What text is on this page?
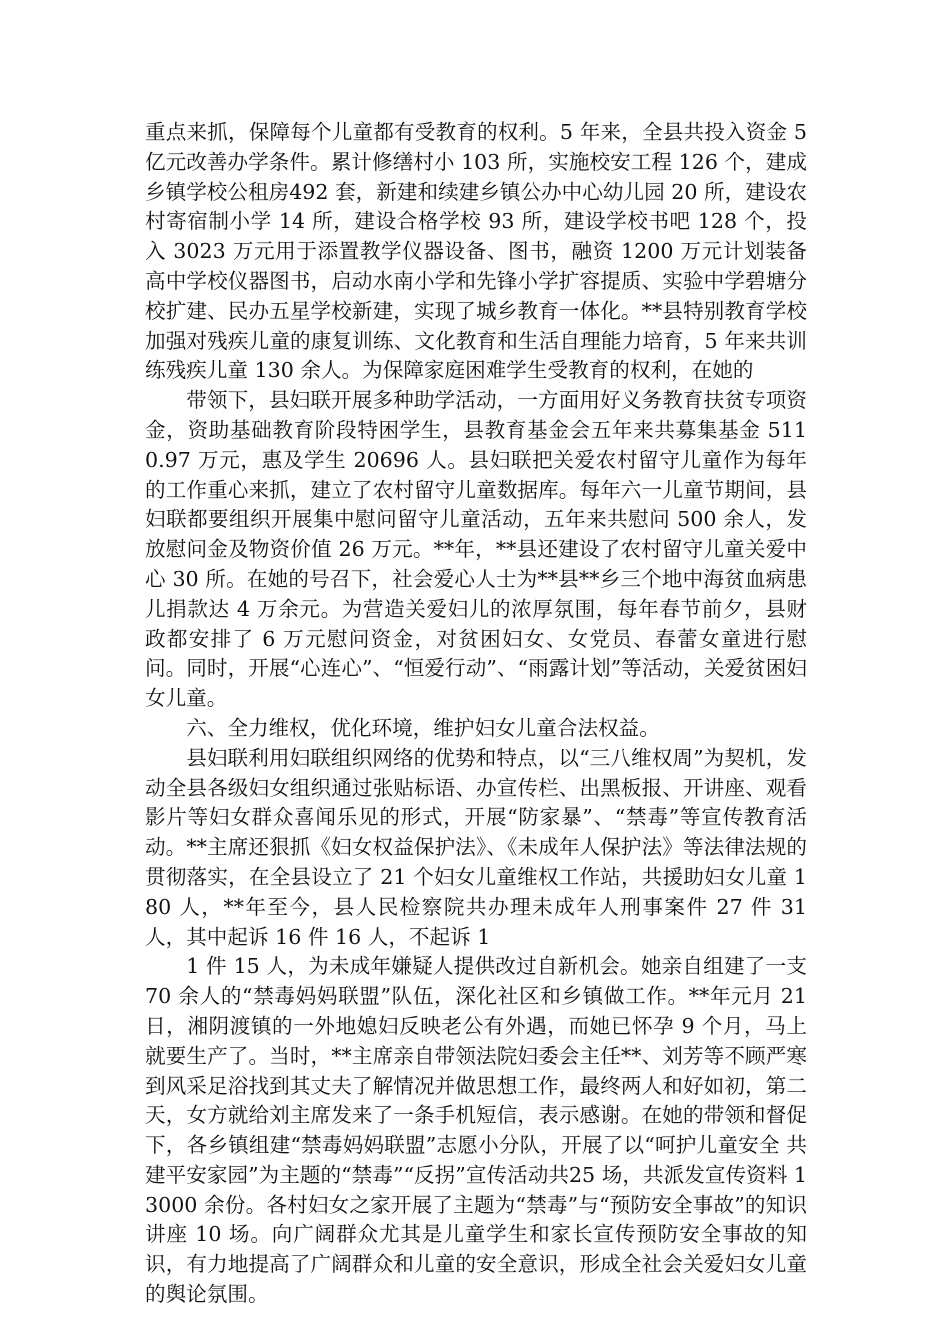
重点来抓，保障每个儿童都有受教育的权利。5 年来，全县共投入资金 5 亿元改善办学条件。累计修缮村小 103 所，实施校安工程 126 个，建成乡镇学校公租房492 套，新建和续建乡镇公办中心幼儿园 20 所，建设农村寄宿制小学 14 所，建设合格学校 93 所，建设学校书吧 128 个，投入 3023 万元用于添置教学仪器设备、图书，融资 1200 万元计划装备高中学校仪器图书，启动水南小学和先锋小学扩容提质、实验中学碧塘分校扩建、民办五星学校新建，实现了城乡教育一体化。**县特别教育学校加强对残疾儿童的康复训练、文化教育和生活自理能力培育，5 年来共训练残疾儿童 130 余人。为保障家庭困难学生受教育的权利，在她的

带领下，县妇联开展多种助学活动，一方面用好义务教育扶贫专项资金，资助基础教育阶段特困学生，县教育基金会五年来共募集基金 5110.97 万元，惠及学生 20696 人。县妇联把关爱农村留守儿童作为每年的工作重心来抓，建立了农村留守儿童数据库。每年六一儿童节期间，县妇联都要组织开展集中慰问留守儿童活动，五年来共慰问 500 余人，发放慰问金及物资价值 26 万元。**年，**县还建设了农村留守儿童关爱中心 30 所。在她的号召下，社会爱心人士为**县**乡三个地中海贫血病患儿捐款达 4 万余元。为营造关爱妇儿的浓厚氛围，每年春节前夕，县财政都安排了 6 万元慰问资金，对贫困妇女、女党员、春蕾女童进行慰问。同时，开展“心连心”、“恒爱行动”、“雨露计划”等活动，关爱贫困妇女儿童。

六、全力维权，优化环境，维护妇女儿童合法权益。

县妇联利用妇联组织网络的优势和特点，以“三八维权周”为契机，发动全县各级妇女组织通过张贴标语、办宣传栏、出黑板报、开讲座、观看影片等妇女群众喜闻乐见的形式，开展“防家暴”、“禁毒”等宣传教育活动。**主席还狠抓《妇女权益保护法》、《未成年人保护法》等法律法规的贯彻落实，在全县设立了 21 个妇女儿童维权工作站，共援助妇女儿童 180 人，**年至今，县人民检察院共办理未成年人刑事案件 27 件 31 人，其中起诉 16 件 16 人，不起诉 1

1 件 15 人，为未成年嫌疑人提供改过自新机会。她亲自组建了一支 70 余人的“禁毒妈妈联盟”队伍，深化社区和乡镇做工作。**年元月 21 日，湘阴渡镇的一外地媳妇反映老公有外遇，而她已怀孕 9 个月，马上就要生产了。当时，**主席亲自带领法院妇委会主任**、刘芳等不顾严寒到风采足浴找到其丈夫了解情况并做思想工作，最终两人和好如初，第二天，女方就给刘主席发来了一条手机短信，表示感谢。在她的带领和督促下，各乡镇组建“禁毒妈妈联盟”志愿小分队，开展了以“呵护儿童安全 共建平安家园”为主题的“禁毒”“反拐”宣传活动共25 场，共派发宣传资料 13000 余份。各村妇女之家开展了主题为“禁毒”与“预防安全事故”的知识讲座 10 场。向广阔群众尤其是儿童学生和家长宣传预防安全事故的知识，有力地提高了广阔群众和儿童的安全意识，形成全社会关爱妇女儿童的舆论氛围。
